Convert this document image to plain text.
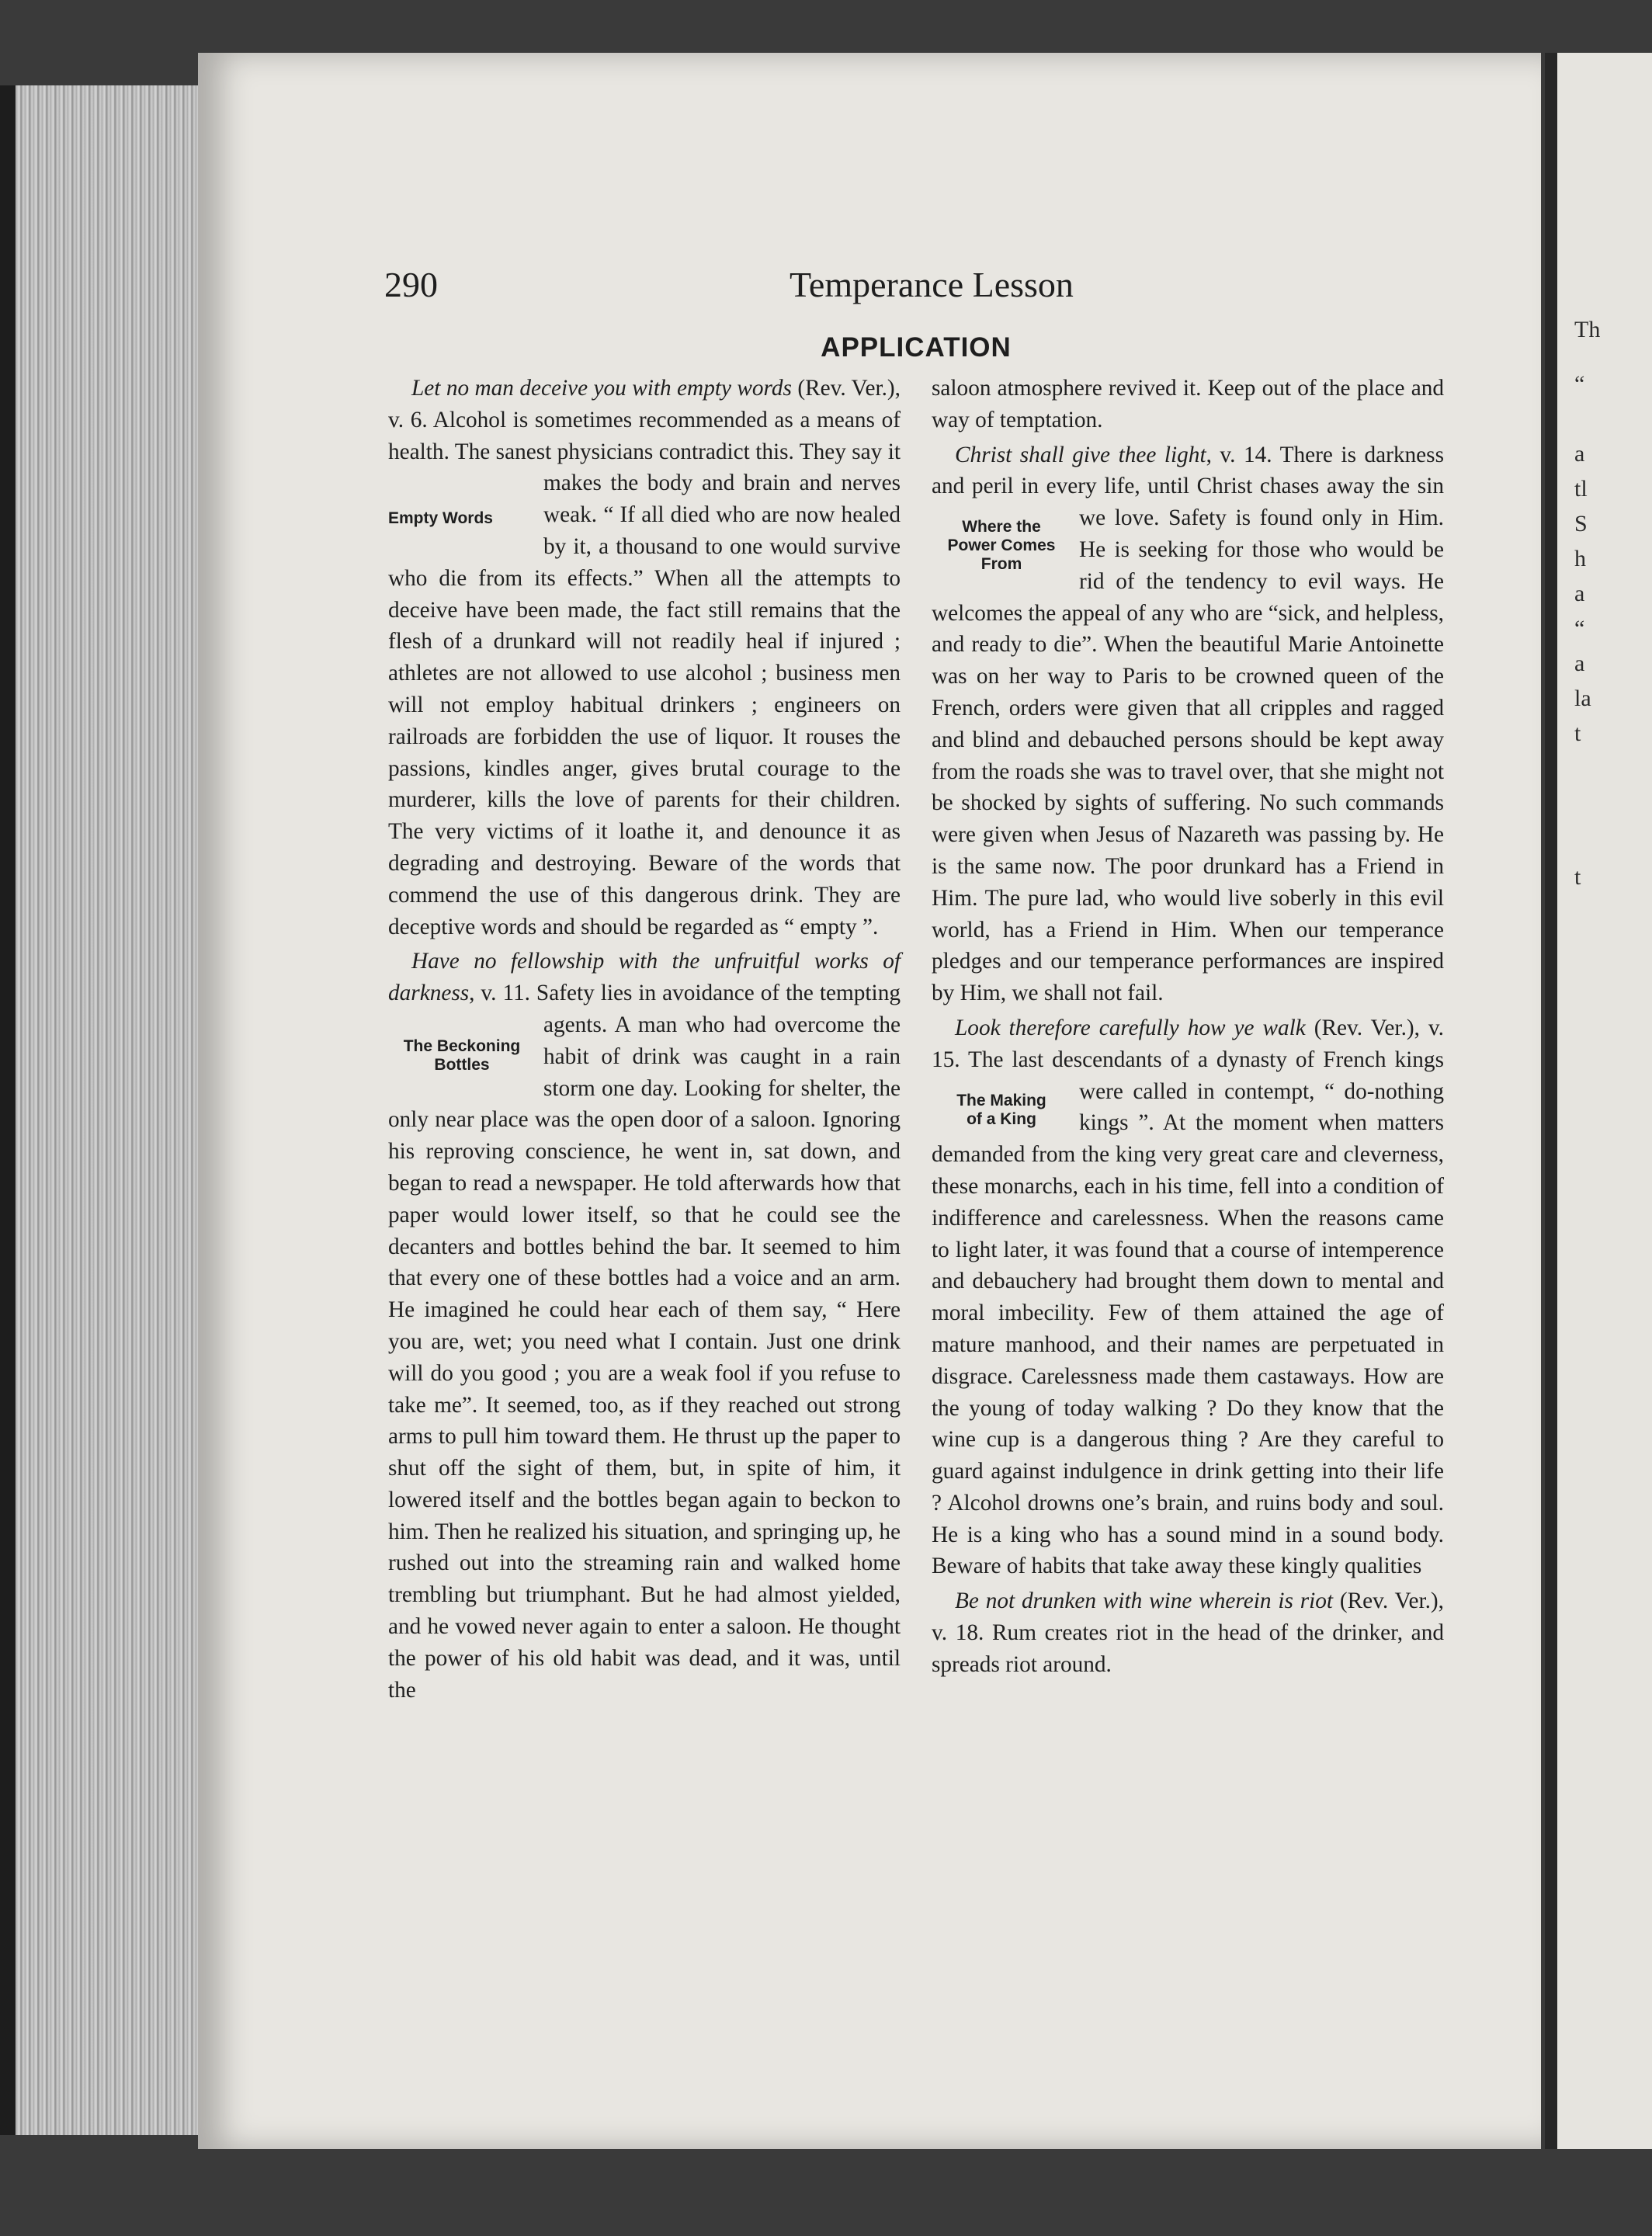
Th
“
a
tl
S
h
a
“
a
la
t
t
290	Temperance Lesson
APPLICATION

Let no man deceive you with empty words (Rev. Ver.), v. 6. Alcohol is sometimes recommended as a means of health. The sanest physicians contradict this. They
Empty Words
say it makes the body and brain and nerves weak. “ If all died who are now healed by it, a thousand to one would survive who die from its effects.” When all the attempts to deceive have been made, the fact still remains that the flesh of a drunkard will not readily heal if injured ; athletes are not allowed to use alcohol ; business men will not employ habitual drinkers ; engineers on railroads are forbidden the use of liquor. It rouses the passions, kindles anger, gives brutal courage to the murderer, kills the love of parents for their children. The very victims of it loathe it, and denounce it as degrading and destroying. Beware of the words that commend the use of this dangerous drink. They are deceptive words and should be regarded as “ empty ”.

Have no fellowship with the unfruitful works of darkness, v. 11. Safety lies in avoidance of the tempting agents. A man who had
The Beckoning
Bottles
overcome the habit of drink was caught in a rain storm one day. Looking for shelter, the only near place was the open door of a saloon. Ignoring his reproving conscience, he went in, sat down, and began to read a newspaper. He told afterwards how that paper would lower itself, so that he could see the decanters and bottles behind the bar. It seemed to him that every one of these bottles had a voice and an arm. He imagined he could hear each of them say, “ Here you are, wet; you need what I contain. Just one drink will do you good ; you are a weak fool if you refuse to take me”. It seemed, too, as if they reached out strong arms to pull him toward them. He thrust up the paper to shut off the sight of them, but, in spite of him, it lowered itself and the bottles began again to beckon to him. Then he realized his situation, and springing up, he rushed out into the streaming rain and walked home trembling but triumphant. But he had almost yielded, and he vowed never again to enter a saloon. He thought the power of his old habit was dead, and it was, until the

saloon atmosphere revived it. Keep out of the place and way of temptation.

Christ shall give thee light, v. 14. There is darkness and peril in every life, until Christ chases away the sin we love. Safety is found
Where the
Power Comes
From
only in Him. He is seeking for those who would be rid of the tendency to evil ways. He welcomes the appeal of any who are “sick, and helpless, and ready to die”. When the beautiful Marie Antoinette was on her way to Paris to be crowned queen of the French, orders were given that all cripples and ragged and blind and debauched persons should be kept away from the roads she was to travel over, that she might not be shocked by sights of suffering. No such commands were given when Jesus of Nazareth was passing by. He is the same now. The poor drunkard has a Friend in Him. The pure lad, who would live soberly in this evil world, has a Friend in Him. When our temperance pledges and our temperance performances are inspired by Him, we shall not fail.

Look therefore carefully how ye walk (Rev. Ver.), v. 15. The last descendants of a dynasty of French kings were called in contempt,
The Making
of a King
“ do-nothing kings ”. At the moment when matters demanded from the king very great care and cleverness, these monarchs, each in his time, fell into a condition of indifference and carelessness. When the reasons came to light later, it was found that a course of intemperence and debauchery had brought them down to mental and moral imbecility. Few of them attained the age of mature manhood, and their names are perpetuated in disgrace. Carelessness made them castaways. How are the young of today walking ? Do they know that the wine cup is a dangerous thing ? Are they careful to guard against indulgence in drink getting into their life ? Alcohol drowns one’s brain, and ruins body and soul. He is a king who has a sound mind in a sound body. Beware of habits that take away these kingly qualities

Be not drunken with wine wherein is riot (Rev. Ver.), v. 18. Rum creates riot in the head of the drinker, and spreads riot around.
